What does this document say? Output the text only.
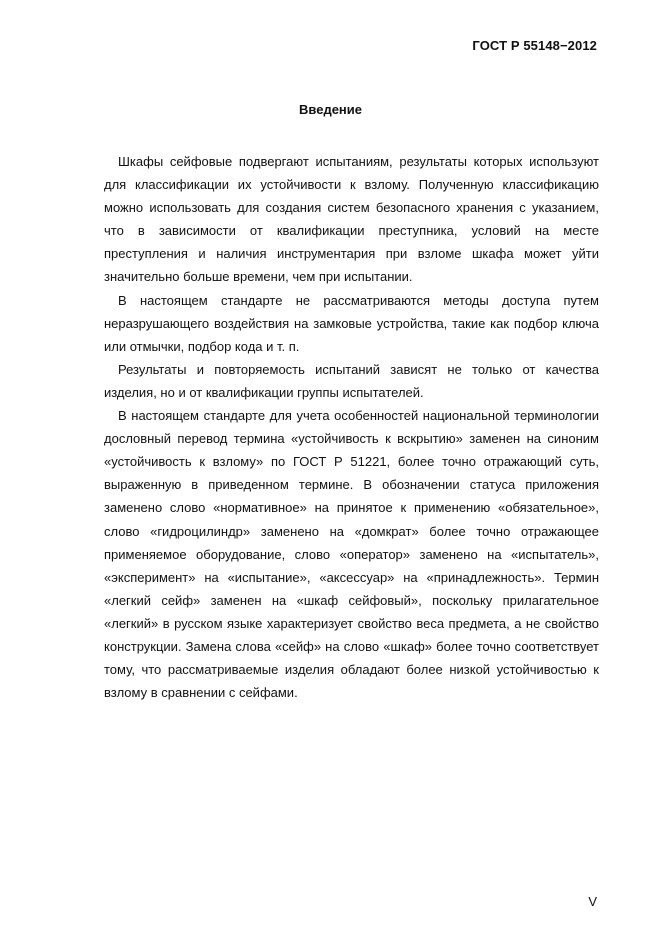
ГОСТ Р 55148−2012
Введение

Шкафы сейфовые подвергают испытаниям, результаты которых используют для классификации их устойчивости к взлому. Полученную классификацию можно использовать для создания систем безопасного хранения с указанием, что в зависимости от квалификации преступника, условий на месте преступления и наличия инструментария при взломе шкафа может уйти значительно больше времени, чем при испытании.

В настоящем стандарте не рассматриваются методы доступа путем неразрушающего воздействия на замковые устройства, такие как подбор ключа или отмычки, подбор кода и т. п.

Результаты и повторяемость испытаний зависят не только от качества изделия, но и от квалификации группы испытателей.

В настоящем стандарте для учета особенностей национальной терминологии дословный перевод термина «устойчивость к вскрытию» заменен на синоним «устойчивость к взлому» по ГОСТ Р 51221, более точно отражающий суть, выраженную в приведенном термине. В обозначении статуса приложения заменено слово «нормативное» на принятое к применению «обязательное», слово «гидроцилиндр» заменено на «домкрат» более точно отражающее применяемое оборудование, слово «оператор» заменено на «испытатель», «эксперимент» на «испытание», «аксессуар» на «принадлежность». Термин «легкий сейф» заменен на «шкаф сейфовый», поскольку прилагательное «легкий» в русском языке характеризует свойство веса предмета, а не свойство конструкции. Замена слова «сейф» на слово «шкаф» более точно соответствует тому, что рассматриваемые изделия обладают более низкой устойчивостью к взлому в сравнении с сейфами.

V
